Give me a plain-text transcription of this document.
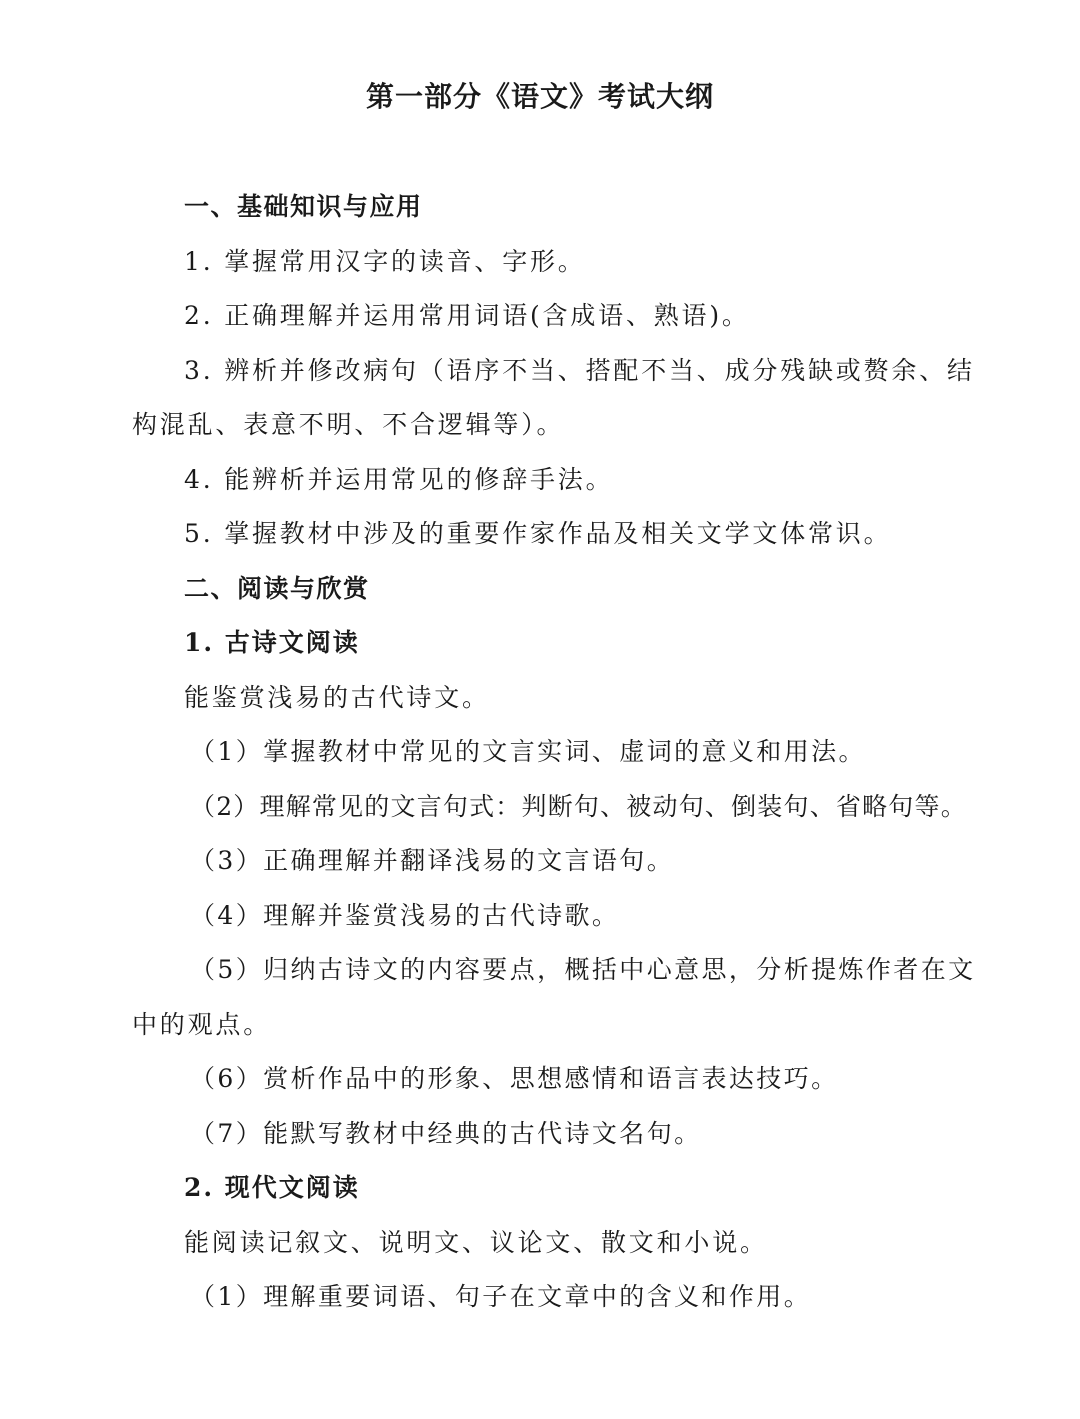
第一部分《语文》考试大纲

一、基础知识与应用

1. 掌握常用汉字的读音、字形。

2. 正确理解并运用常用词语(含成语、熟语)。

3. 辨析并修改病句（语序不当、搭配不当、成分残缺或赘余、结

构混乱、表意不明、不合逻辑等）。

4. 能辨析并运用常见的修辞手法。

5. 掌握教材中涉及的重要作家作品及相关文学文体常识。

二、阅读与欣赏

1. 古诗文阅读

能鉴赏浅易的古代诗文。

（1）掌握教材中常见的文言实词、虚词的意义和用法。

（2）理解常见的文言句式：判断句、被动句、倒装句、省略句等。

（3）正确理解并翻译浅易的文言语句。

（4）理解并鉴赏浅易的古代诗歌。

（5）归纳古诗文的内容要点，概括中心意思，分析提炼作者在文

中的观点。

（6）赏析作品中的形象、思想感情和语言表达技巧。

（7）能默写教材中经典的古代诗文名句。

2. 现代文阅读

能阅读记叙文、说明文、议论文、散文和小说。

（1）理解重要词语、句子在文章中的含义和作用。
